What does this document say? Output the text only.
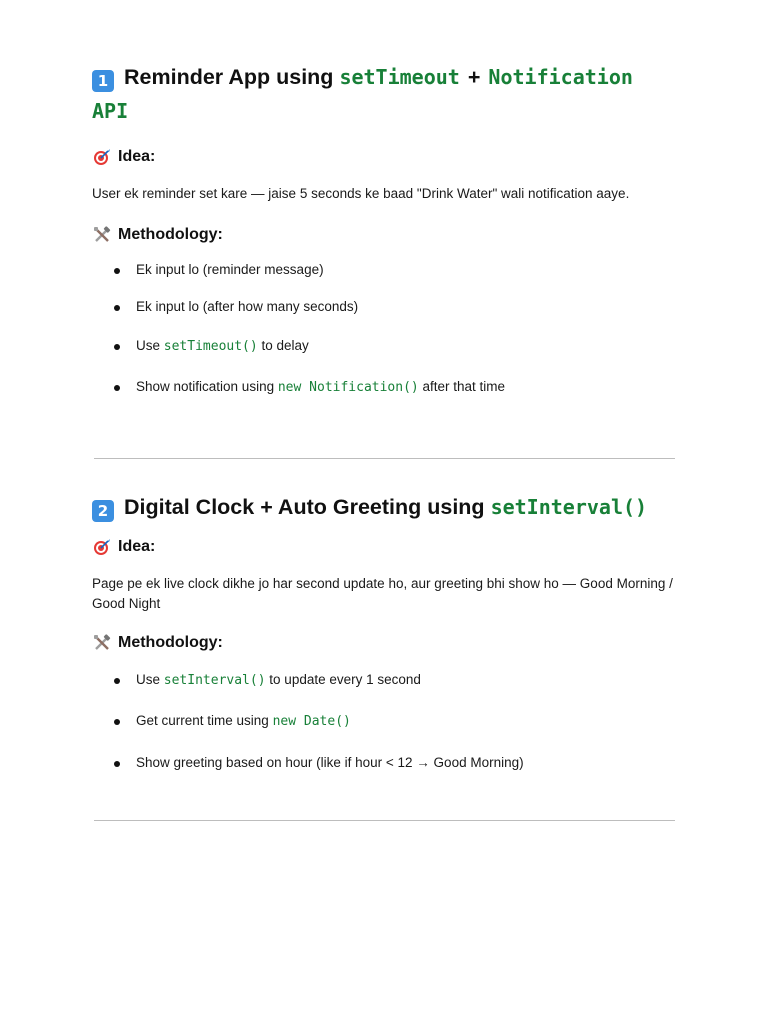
1 Reminder App using setTimeout + Notification
API
Idea:

User ek reminder set kare — jaise 5 seconds ke baad "Drink Water" wali notification aaye.

Methodology:
Ek input lo (reminder message)
Ek input lo (after how many seconds)
Use setTimeout() to delay
Show notification using new Notification() after that time
2 Digital Clock + Auto Greeting using setInterval()
Idea:

Page pe ek live clock dikhe jo har second update ho, aur greeting bhi show ho — Good Morning / Good Night

Methodology:
Use setInterval() to update every 1 second
Get current time using new Date()
Show greeting based on hour (like if hour < 12 → Good Morning)
